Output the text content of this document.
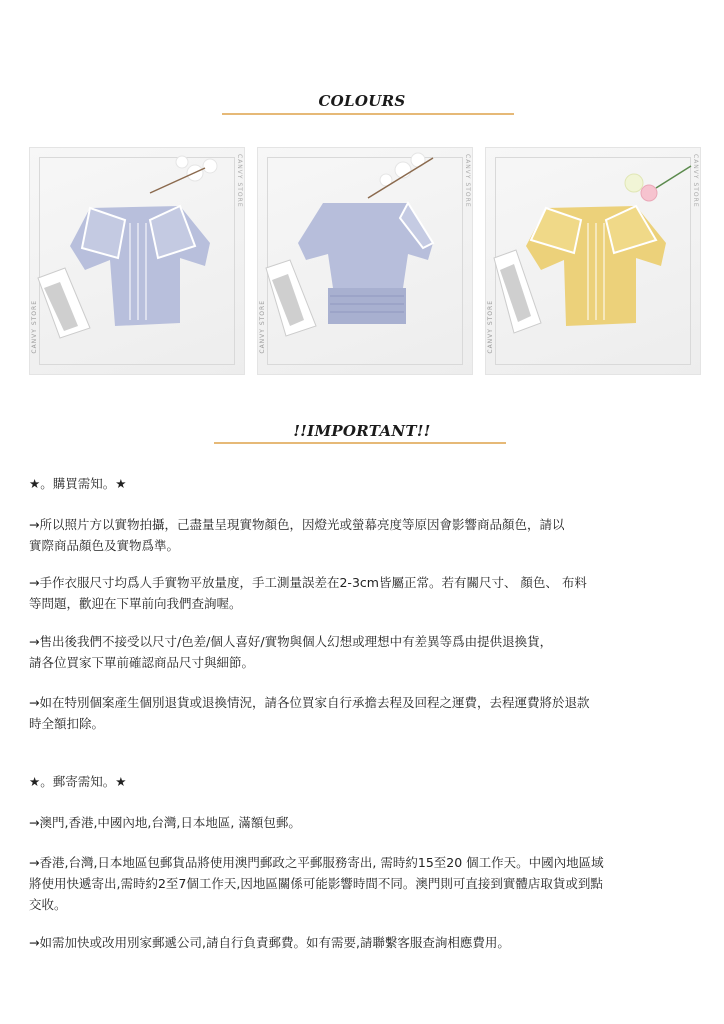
COLOURS
CANVY STORE
CANVY STORE
CANVY STORE
CANVY STORE
CANVY STORE
CANVY STORE
!!IMPORTANT!!

★。購買需知。★

→所以照片方以實物拍攝，己盡量呈現實物顏色，因燈光或螢幕亮度等原因會影響商品顏色，請以

實際商品顏色及實物爲準。

→手作衣服尺寸均爲人手實物平放量度，手工測量誤差在2-3cm皆屬正常。若有關尺寸、 顏色、 布料

等問題，歡迎在下單前向我們查詢喔。

→售出後我們不接受以尺寸/色差/個人喜好/實物與個人幻想或理想中有差異等爲由提供退換貨，

請各位買家下單前確認商品尺寸與細節。

→如在特別個案產生個別退貨或退換情況，請各位買家自行承擔去程及回程之運費，去程運費將於退款

時全額扣除。

★。郵寄需知。★

→澳門,香港,中國內地,台灣,日本地區, 滿額包郵。

→香港,台灣,日本地區包郵貨品將使用澳門郵政之平郵服務寄出, 需時約15至20 個工作天。中國內地區域

將使用快遞寄出,需時約2至7個工作天,因地區關係可能影響時間不同。澳門則可直接到實體店取貨或到點

交收。

→如需加快或改用別家郵遞公司,請自行負責郵費。如有需要,請聯繫客服查詢相應費用。
